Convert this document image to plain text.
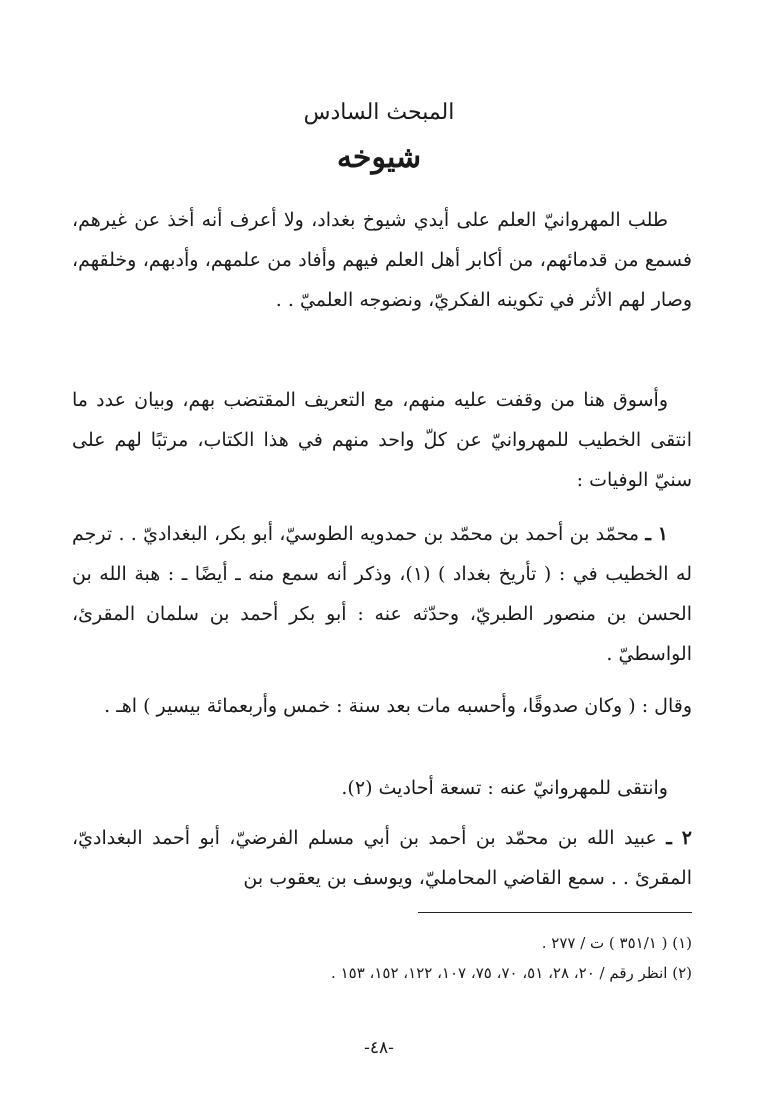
المبحث السادس
شيوخه
طلب المهروانيّ العلم على أيدي شيوخ بغداد، ولا أعرف أنه أخذ عن غيرهم، فسمع من قدمائهم، من أكابر أهل العلم فيهم وأفاد من علمهم، وأدبهم، وخلقهم، وصار لهم الأثر في تكوينه الفكريّ، ونضوجه العلميّ . .
وأسوق هنا من وقفت عليه منهم، مع التعريف المقتضب بهم، وبيان عدد ما انتقى الخطيب للمهروانيّ عن كلّ واحد منهم في هذا الكتاب، مرتبًا لهم على سنيّ الوفيات :
١ ـ محمّد بن أحمد بن محمّد بن حمدويه الطوسيّ، أبو بكر، البغداديّ . . ترجم له الخطيب في : ( تأريخ بغداد ) (١)، وذكر أنه سمع منه ـ أيضًا ـ : هبة الله بن الحسن بن منصور الطبريّ، وحدّثه عنه : أبو بكر أحمد بن سلمان المقرئ، الواسطيّ .
وقال : ( وكان صدوقًا، وأحسبه مات بعد سنة : خمس وأربعمائة بيسير ) اهـ .
وانتقى للمهروانيّ عنه : تسعة أحاديث (٢).
٢ ـ عبيد الله بن محمّد بن أحمد بن أبي مسلم الفرضيّ، أبو أحمد البغداديّ، المقرئ . . سمع القاضي المحامليّ، ويوسف بن يعقوب بن
(١) ( ٣٥١/١ ) ت / ٢٧٧ .
(٢) انظر رقم / ٢٠، ٢٨، ٥١، ٧٠، ٧٥، ١٠٧، ١٢٢، ١٥٢، ١٥٣ .
-٤٨-
